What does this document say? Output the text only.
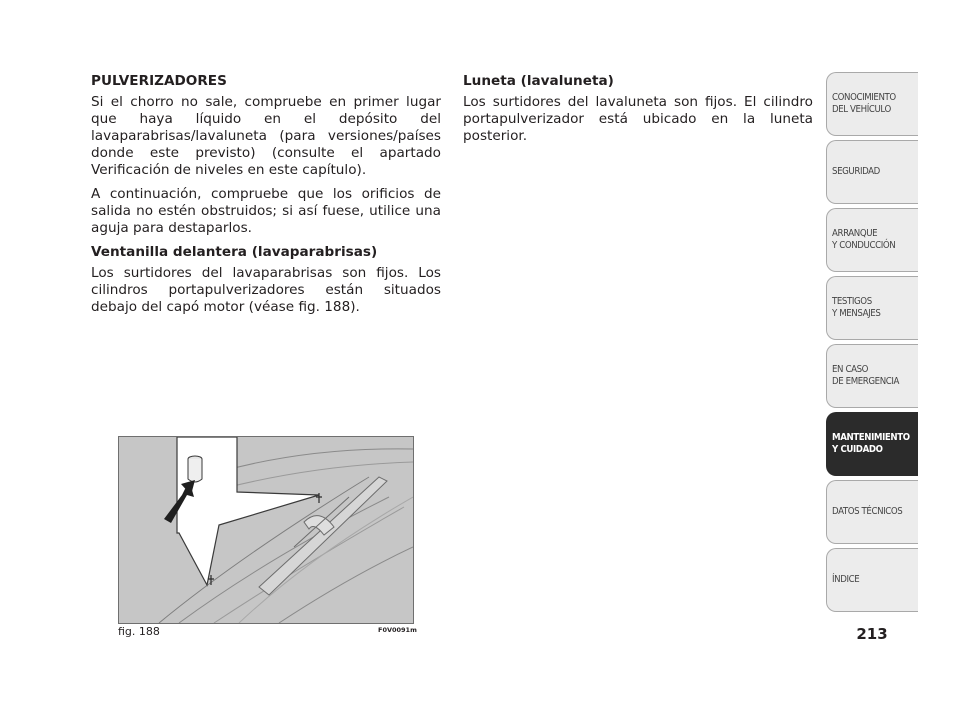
PULVERIZADORES

Si el chorro no sale, compruebe en primer lugar que haya líquido en el depósito del lavaparabrisas/lavaluneta (para versiones/países donde este previsto) (consulte el apartado Verificación de niveles en este capítulo).

A continuación, compruebe que los orificios de salida no estén obstruidos; si así fuese, utilice una aguja para destaparlos.

Ventanilla delantera (lavaparabrisas)

Los surtidores del lavaparabrisas son fijos. Los cilindros portapulverizadores están situados debajo del capó motor (véase fig. 188).

Luneta (lavaluneta)

Los surtidores del lavaluneta son fijos. El cilindro portapulverizador está ubicado en la luneta posterior.

fig. 188	F0V0091m
CONOCIMIENTO
DEL VEHÍCULO
SEGURIDAD
ARRANQUE
Y CONDUCCIÓN
TESTIGOS
Y MENSAJES
EN CASO
DE EMERGENCIA
MANTENIMIENTO
Y CUIDADO
DATOS TÉCNICOS
ÍNDICE
213
